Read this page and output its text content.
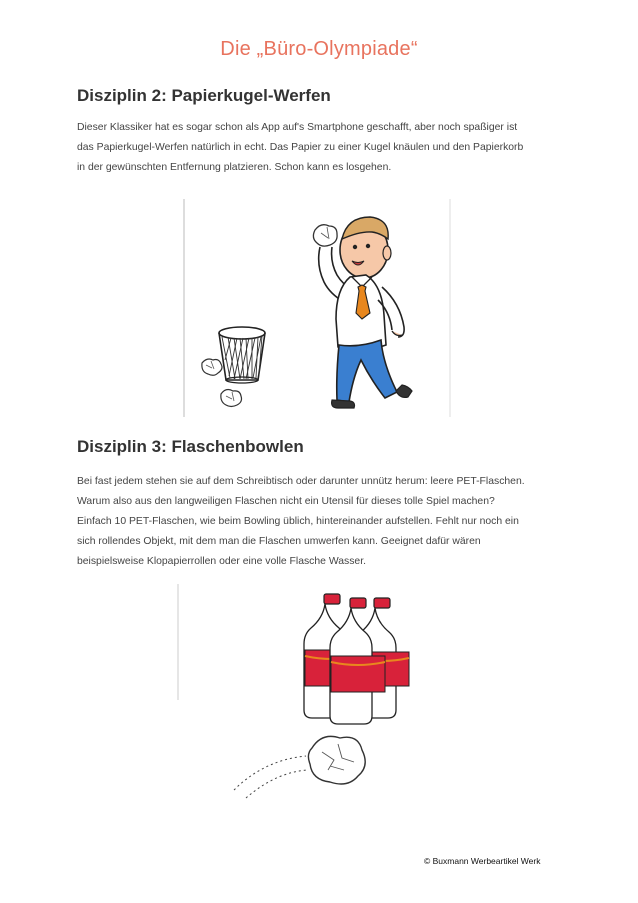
Die „Büro-Olympiade“
Disziplin 2: Papierkugel-Werfen
Dieser Klassiker hat es sogar schon als App auf's Smartphone geschafft, aber noch spaßiger ist
das Papierkugel-Werfen natürlich in echt. Das Papier zu einer Kugel knäulen und den Papierkorb
in der gewünschten Entfernung platzieren. Schon kann es losgehen.
Disziplin 3: Flaschenbowlen
Bei fast jedem stehen sie auf dem Schreibtisch oder darunter unnütz herum: leere PET-Flaschen.
Warum also aus den langweiligen Flaschen nicht ein Utensil für dieses tolle Spiel machen?
Einfach 10 PET-Flaschen, wie beim Bowling üblich, hintereinander aufstellen. Fehlt nur noch ein
sich rollendes Objekt, mit dem man die Flaschen umwerfen kann. Geeignet dafür wären
beispielsweise Klopapierrollen oder eine volle Flasche Wasser.
© Buxmann Werbeartikel Werk
